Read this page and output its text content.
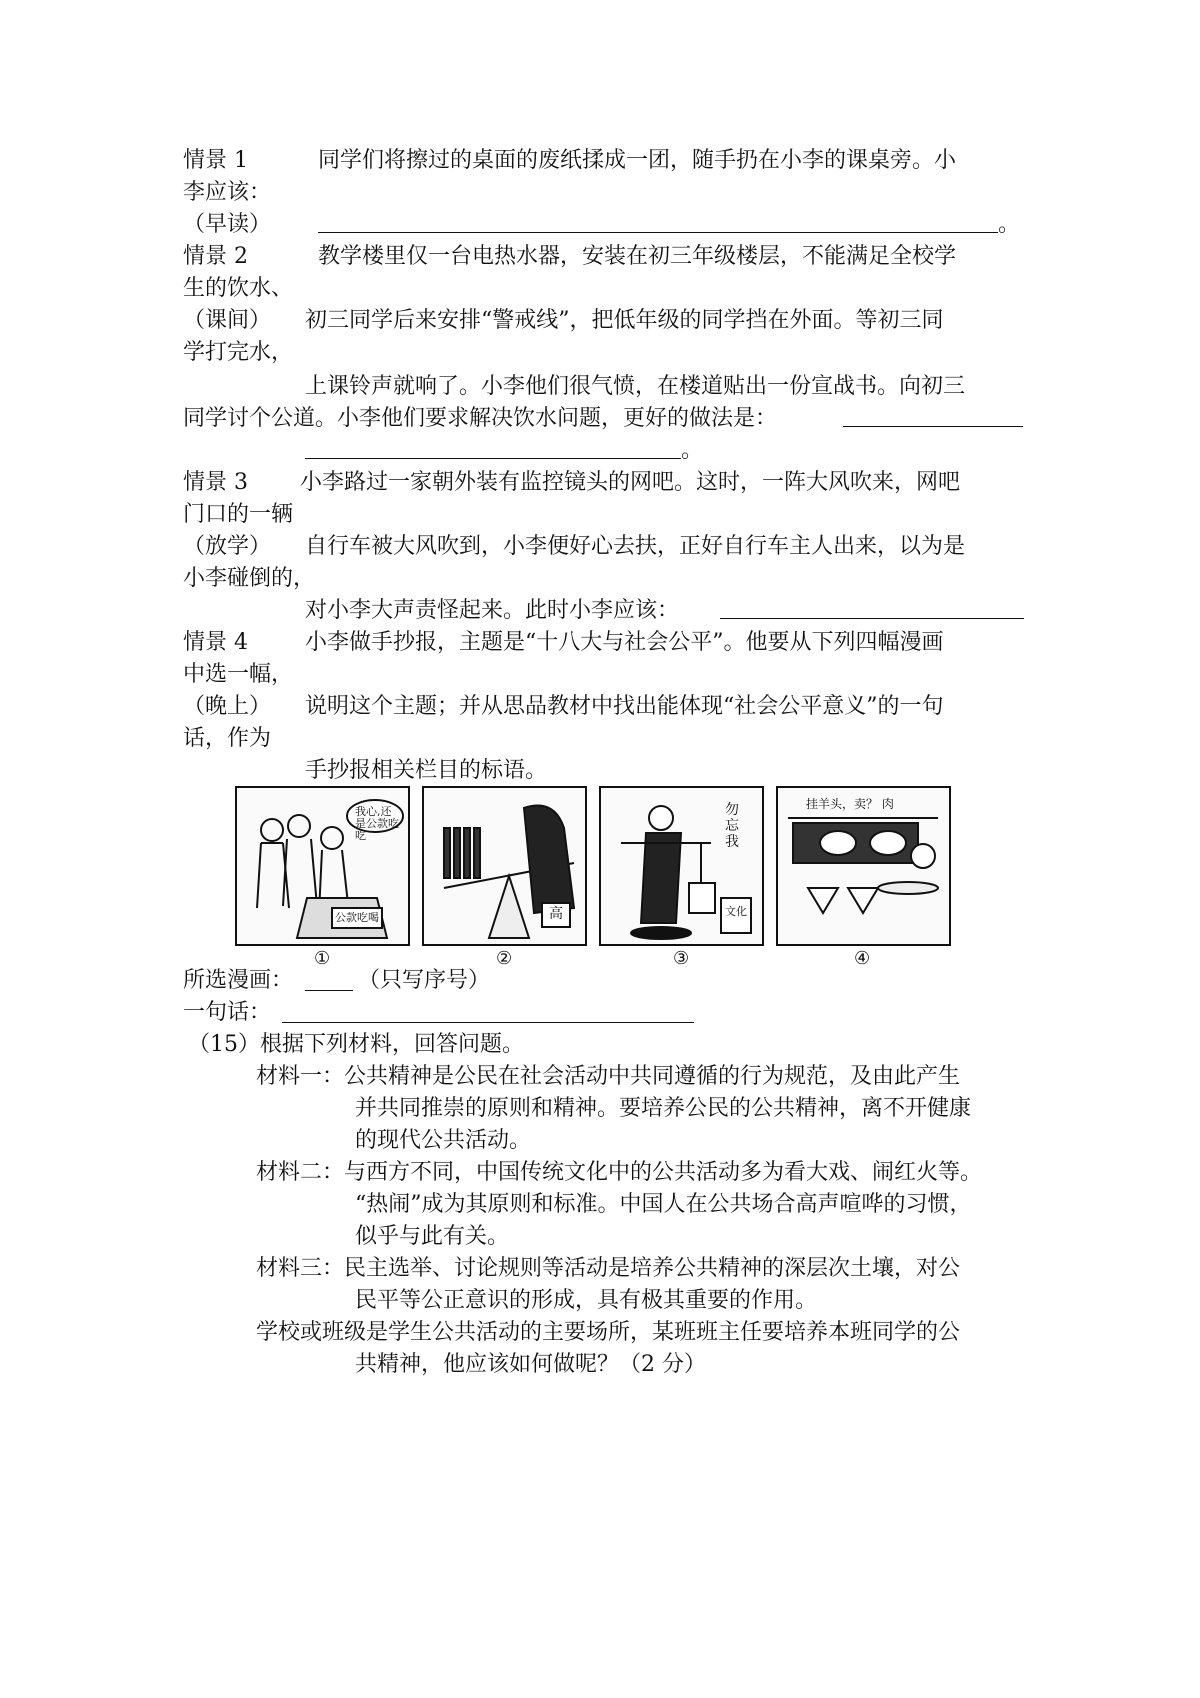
情景 1	同学们将擦过的桌面的废纸揉成一团，随手扔在小李的课桌旁。小
李应该：
（早读）	。
情景 2	教学楼里仅一台电热水器，安装在初三年级楼层，不能满足全校学
生的饮水、
（课间） 初三同学后来安排“警戒线”，把低年级的同学挡在外面。等初三同
学打完水，
上课铃声就响了。小李他们很气愤，在楼道贴出一份宣战书。向初三
同学讨个公道。小李他们要求解决饮水问题，更好的做法是：
。
情景 3 小李路过一家朝外装有监控镜头的网吧。这时，一阵大风吹来，网吧
门口的一辆
（放学） 自行车被大风吹到，小李便好心去扶，正好自行车主人出来，以为是
小李碰倒的，
对小李大声责怪起来。此时小李应该：
情景 4	小李做手抄报，主题是“十八大与社会公平”。他要从下列四幅漫画
中选一幅，
（晚上） 说明这个主题；并从思品教材中找出能体现“社会公平意义”的一句
话，作为
手抄报相关栏目的标语。
我心,还是公款吃吃
公款吃喝	高
勿忘我
文化
挂羊头，卖？ 肉
①	②	③	④
所选漫画：	（只写序号）
一句话：
（15）根据下列材料，回答问题。
材料一：公共精神是公民在社会活动中共同遵循的行为规范，及由此产生
并共同推崇的原则和精神。要培养公民的公共精神，离不开健康
的现代公共活动。
材料二：与西方不同，中国传统文化中的公共活动多为看大戏、闹红火等。
“热闹”成为其原则和标准。中国人在公共场合高声喧哗的习惯，
似乎与此有关。
材料三：民主选举、讨论规则等活动是培养公共精神的深层次土壤，对公
民平等公正意识的形成，具有极其重要的作用。
学校或班级是学生公共活动的主要场所，某班班主任要培养本班同学的公
共精神，他应该如何做呢？（2 分）
